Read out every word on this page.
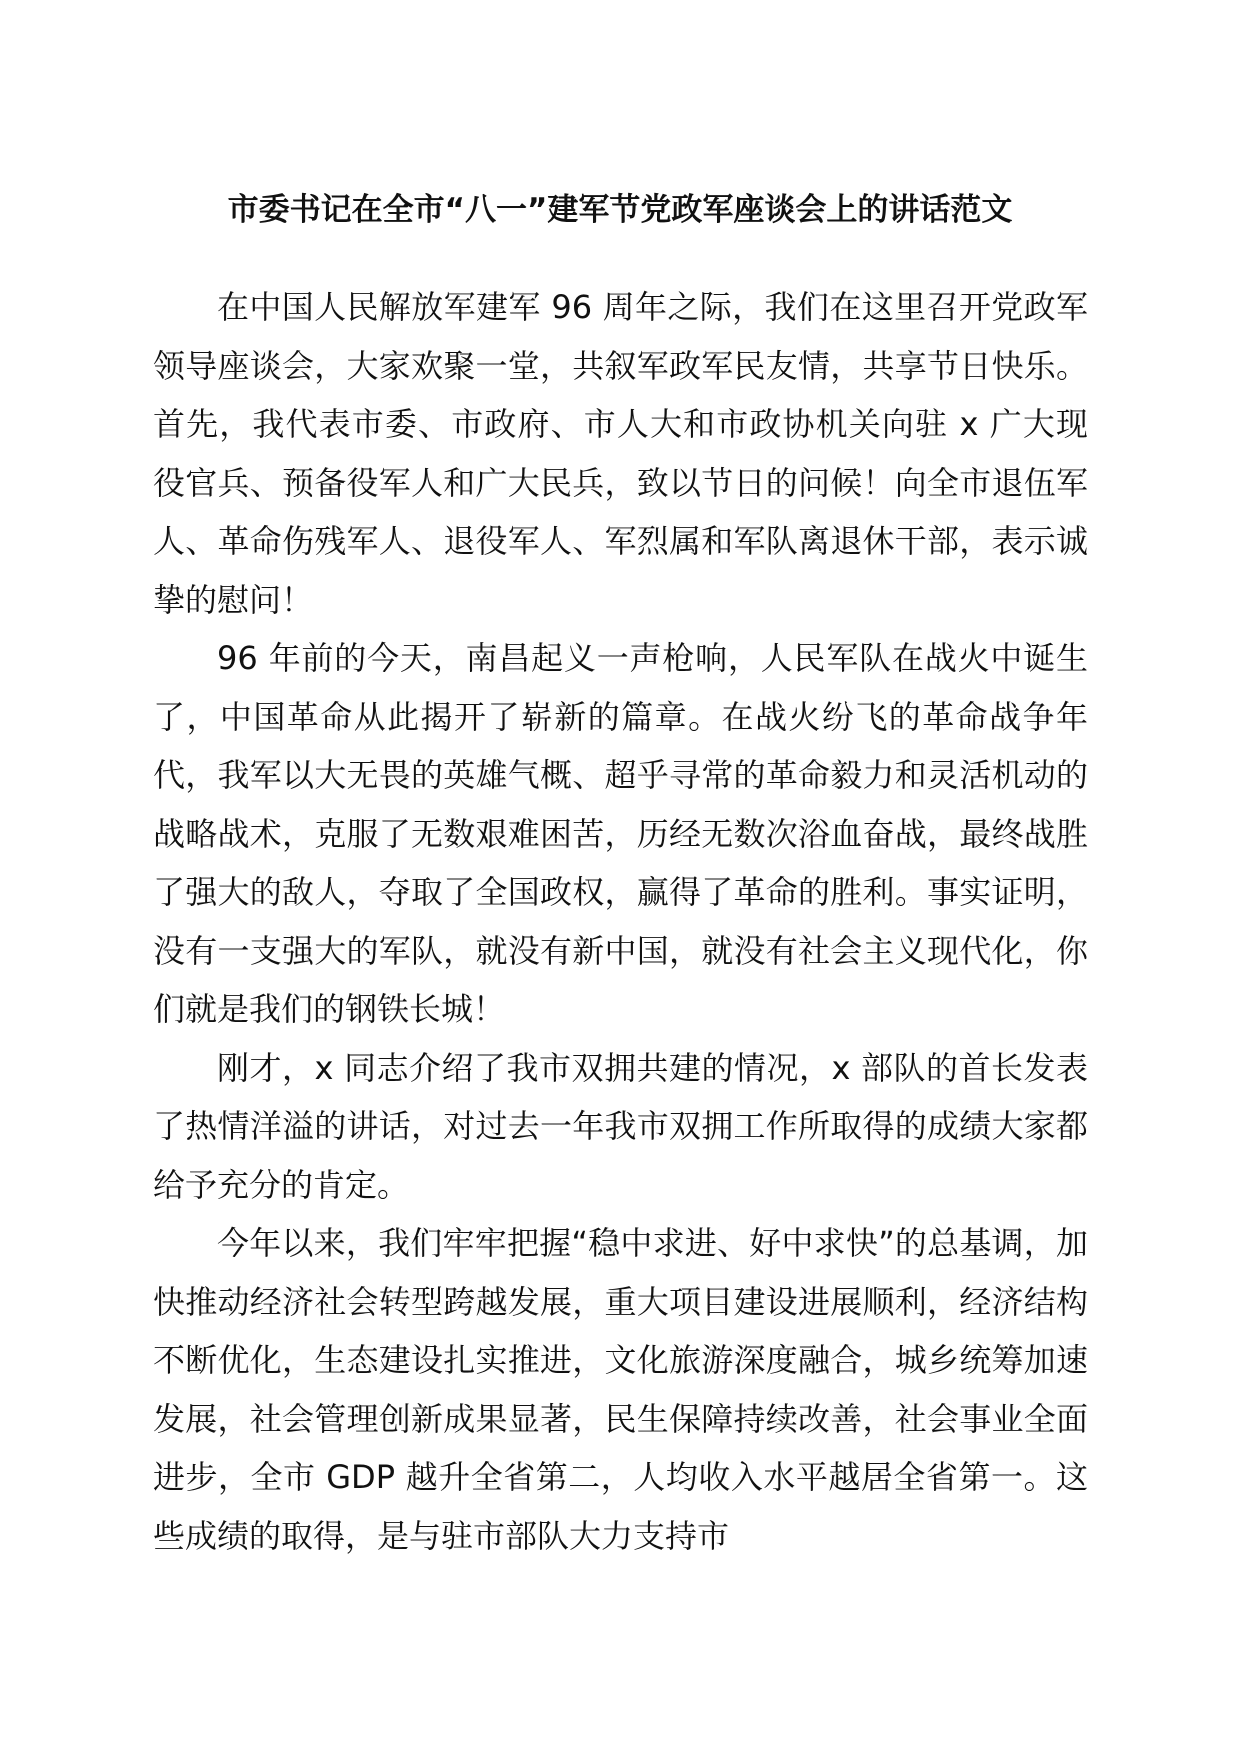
市委书记在全市“八一”建军节党政军座谈会上的讲话范文

在中国人民解放军建军 96 周年之际，我们在这里召开党政军领导座谈会，大家欢聚一堂，共叙军政军民友情，共享节日快乐。首先，我代表市委、市政府、市人大和市政协机关向驻 x 广大现役官兵、预备役军人和广大民兵，致以节日的问候！向全市退伍军人、革命伤残军人、退役军人、军烈属和军队离退休干部，表示诚挚的慰问！

96 年前的今天，南昌起义一声枪响，人民军队在战火中诞生了，中国革命从此揭开了崭新的篇章。在战火纷飞的革命战争年代，我军以大无畏的英雄气概、超乎寻常的革命毅力和灵活机动的战略战术，克服了无数艰难困苦，历经无数次浴血奋战，最终战胜了强大的敌人，夺取了全国政权，赢得了革命的胜利。事实证明，没有一支强大的军队，就没有新中国，就没有社会主义现代化，你们就是我们的钢铁长城！

刚才，x 同志介绍了我市双拥共建的情况，x 部队的首长发表了热情洋溢的讲话，对过去一年我市双拥工作所取得的成绩大家都给予充分的肯定。

今年以来，我们牢牢把握“稳中求进、好中求快”的总基调，加快推动经济社会转型跨越发展，重大项目建设进展顺利，经济结构不断优化，生态建设扎实推进，文化旅游深度融合，城乡统筹加速发展，社会管理创新成果显著，民生保障持续改善，社会事业全面进步，全市 GDP 越升全省第二，人均收入水平越居全省第一。这些成绩的取得，是与驻市部队大力支持市
